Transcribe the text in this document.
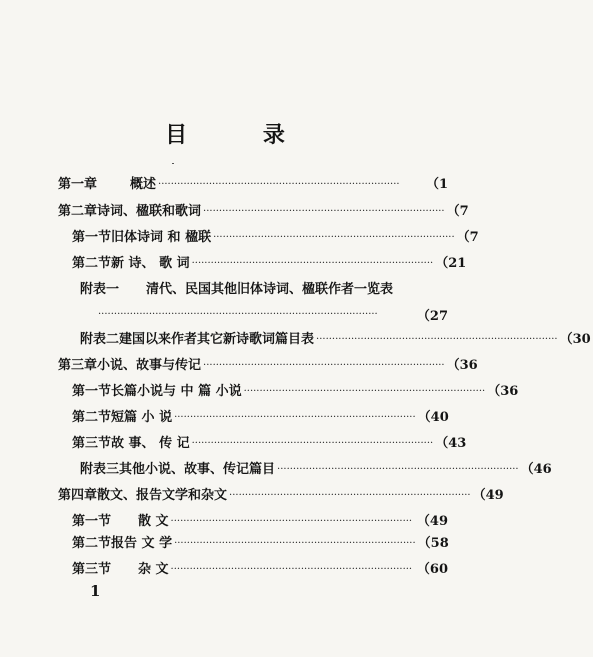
目 录
第一章	概述 ············································································	（1
第二章 诗词、楹联和歌词 ············································································ （7
第一节 旧体诗词 和 楹联 ············································································ （7
第二节 新 诗、 歌 词 ············································································ （21
附表一	清代、民国其他旧体诗词、楹联作者一览表
························································································	（27
附表二 建国以来作者其它新诗歌词篇目表 ············································································ （30
第三章 小说、故事与传记 ············································································ （36
第一节 长篇小说与 中 篇 小说 ············································································ （36
第二节 短篇 小 说 ············································································ （40
第三节 故 事、 传 记 ············································································ （43
附表三 其他小说、故事、传记篇目 ············································································ （46
第四章 散文、报告文学和杂文 ············································································ （49
第一节	散 文 ············································································ （49
第二节 报告 文 学 ············································································ （58
第三节	杂 文 ············································································ （60
1
